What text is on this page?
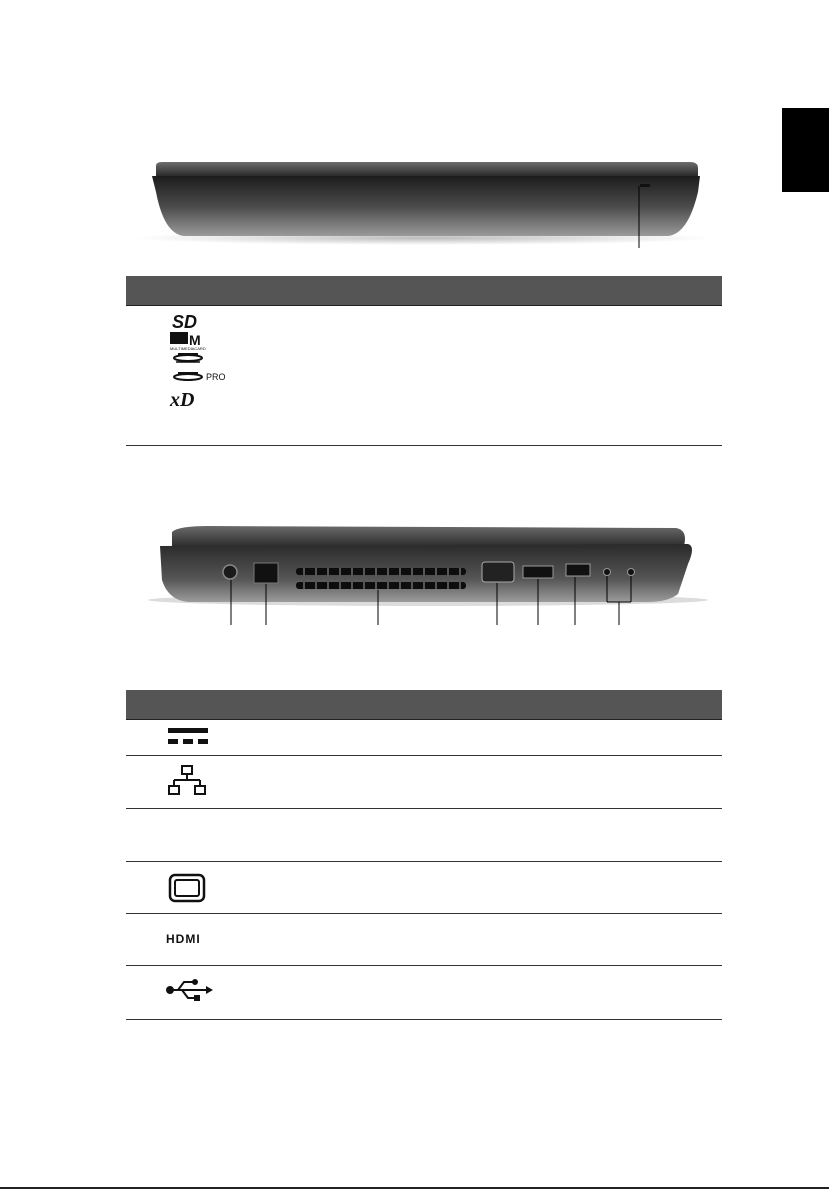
SD
M
MULTIMEDIACARD
PRO
xD
HDMI
